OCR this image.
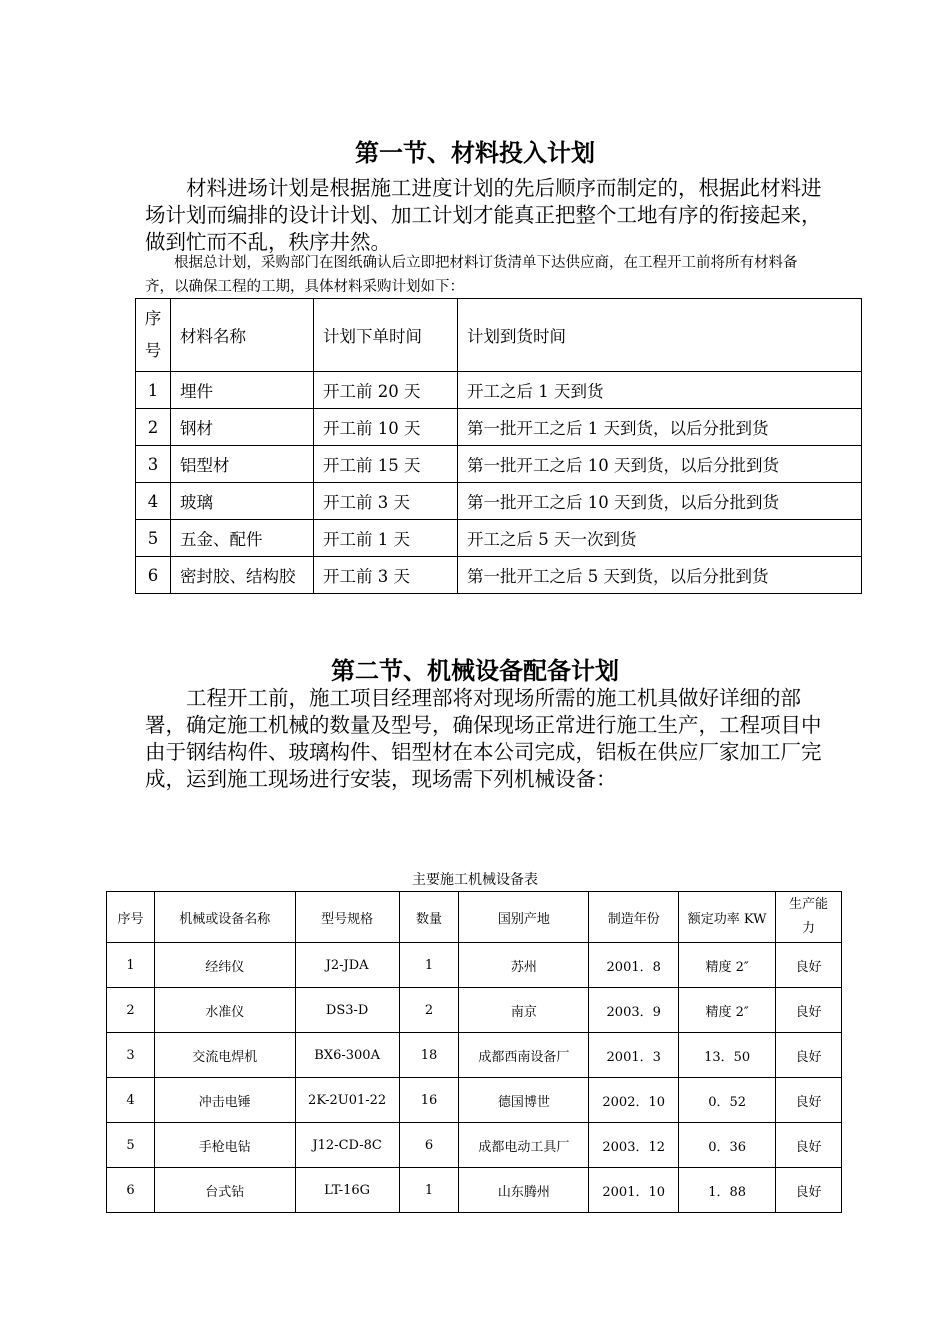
第一节、材料投入计划
材料进场计划是根据施工进度计划的先后顺序而制定的，根据此材料进场计划而编排的设计计划、加工计划才能真正把整个工地有序的衔接起来，做到忙而不乱，秩序井然。
根据总计划，采购部门在图纸确认后立即把材料订货清单下达供应商，在工程开工前将所有材料备齐，以确保工程的工期，具体材料采购计划如下：
序
号	材料名称	计划下单时间	计划到货时间
1	埋件	开工前 20 天	开工之后 1 天到货
2	钢材	开工前 10 天	第一批开工之后 1 天到货，以后分批到货
3	铝型材	开工前 15 天	第一批开工之后 10 天到货，以后分批到货
4	玻璃	开工前 3 天	第一批开工之后 10 天到货，以后分批到货
5	五金、配件	开工前 1 天	开工之后 5 天一次到货
6	密封胶、结构胶	开工前 3 天	第一批开工之后 5 天到货，以后分批到货
第二节、机械设备配备计划
工程开工前，施工项目经理部将对现场所需的施工机具做好详细的部署，确定施工机械的数量及型号，确保现场正常进行施工生产，工程项目中由于钢结构件、玻璃构件、铝型材在本公司完成，铝板在供应厂家加工厂完成，运到施工现场进行安装，现场需下列机械设备：
主要施工机械设备表
序号	机械或设备名称	型号规格	数量	国别产地	制造年份	额定功率 KW	生产能
力

1	经纬仪	J2-JDA	1	苏州	2001．8	精度 2″	良好
2	水准仪	DS3-D	2	南京	2003．9	精度 2″	良好
3	交流电焊机	BX6-300A	18	成都西南设备厂	2001．3	13．50	良好
4	冲击电锤	2K-2U01-22	16	德国博世	2002．10	0．52	良好
5	手枪电钻	J12-CD-8C	6	成都电动工具厂	2003．12	0．36	良好
6	台式钻	LT-16G	1	山东腾州	2001．10	1．88	良好
